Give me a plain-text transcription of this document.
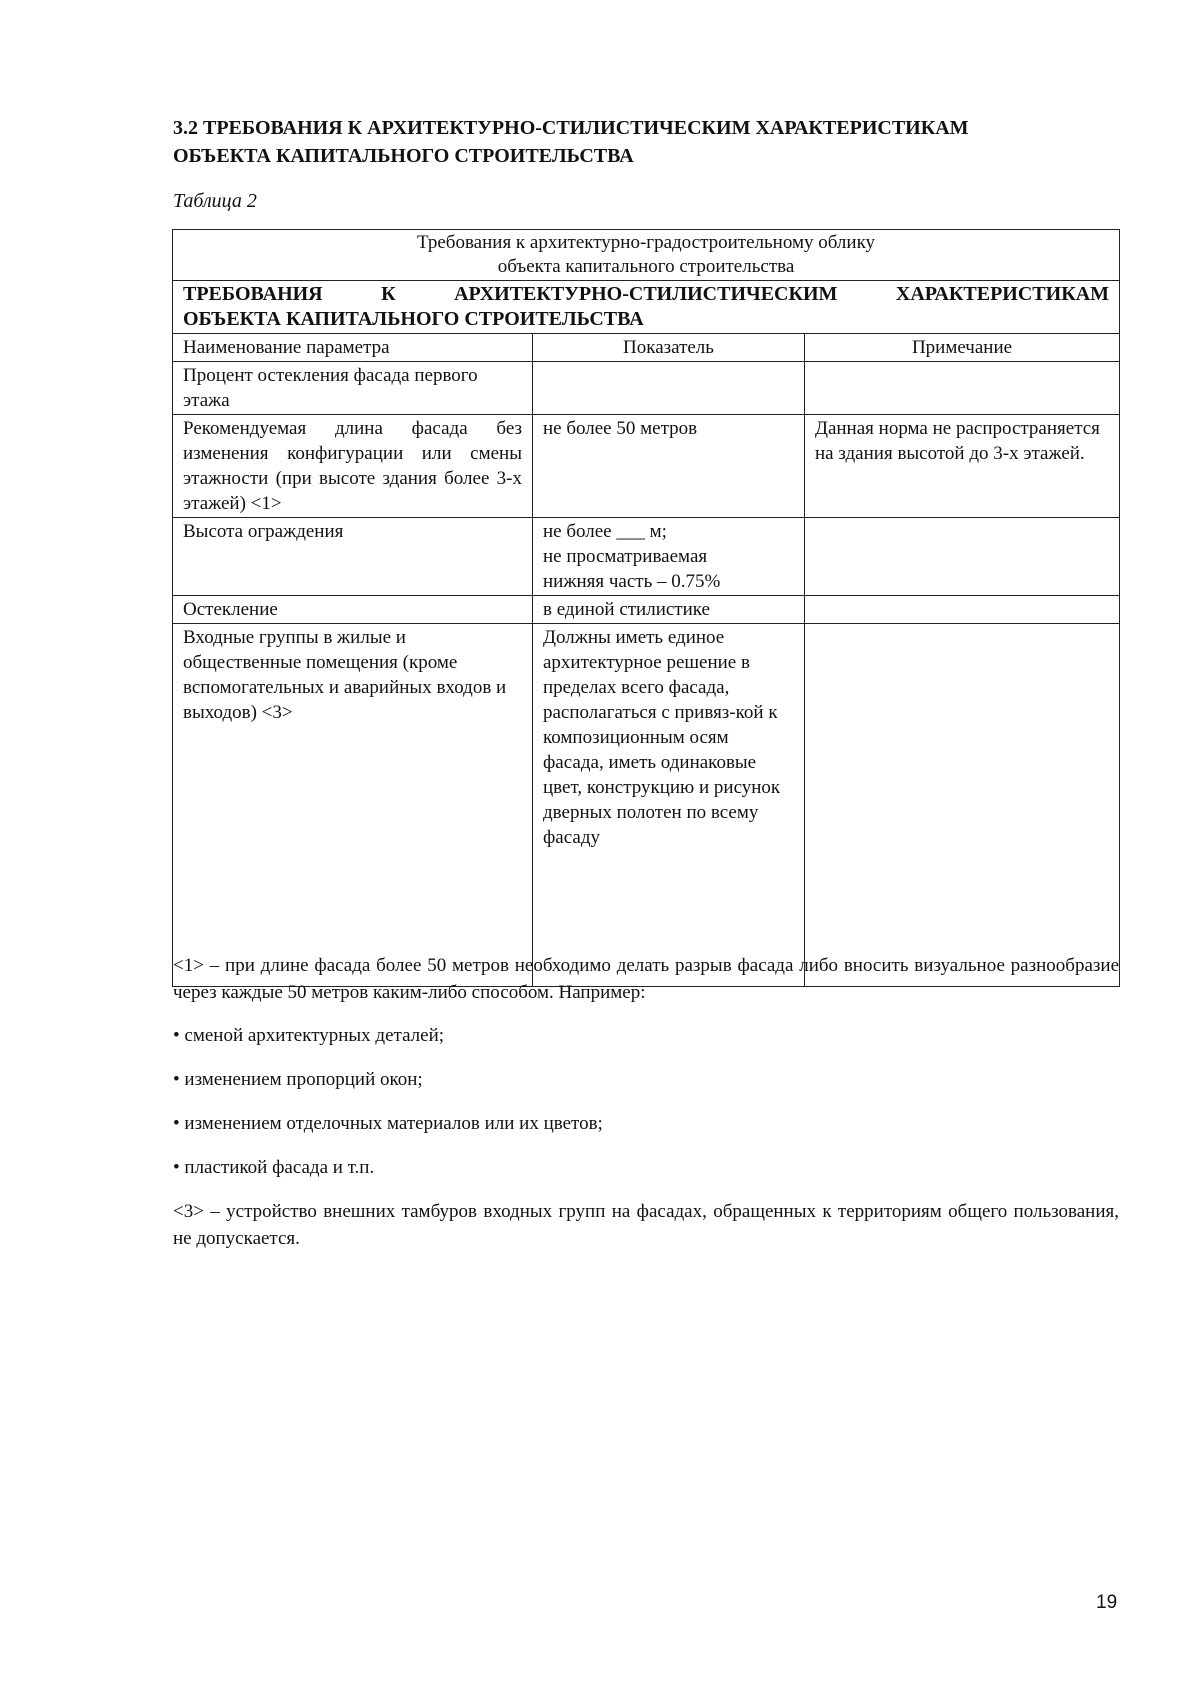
3.2 ТРЕБОВАНИЯ К АРХИТЕКТУРНО-СТИЛИСТИЧЕСКИМ ХАРАКТЕРИСТИКАМ
ОБЪЕКТА КАПИТАЛЬНОГО СТРОИТЕЛЬСТВА
Таблица 2
Требования к архитектурно-градостроительному облику
объекта капитального строительства		

ТРЕБОВАНИЯ К АРХИТЕКТУРНО-СТИЛИСТИЧЕСКИМ ХАРАКТЕРИСТИКАМ
ОБЪЕКТА КАПИТАЛЬНОГО СТРОИТЕЛЬСТВА		
Наименование параметра	Показатель	Примечание
Процент остекления фасада первого этажа		
Рекомендуемая длина фасада без изменения конфигурации или смены этажности (при высоте здания более 3-х этажей) <1>	не более 50 метров	Данная норма не распространяется на здания высотой до 3-х этажей.
Высота ограждения	не более ___ м;
не просматриваемая
нижняя часть – 0.75%	

Остекление	в единой стилистике	
Входные группы в жилые и общественные помещения (кроме вспомогательных и аварийных входов и выходов) <3>	Должны иметь единое архитектурное решение в пределах всего фасада, располагаться с привяз-кой к композиционным осям фасада, иметь одинаковые цвет, конструкцию и рисунок дверных полотен по всему фасаду	

<1> – при длине фасада более 50 метров необходимо делать разрыв фасада либо вносить визуальное разнообразие через каждые 50 метров каким-либо способом. Например:

• сменой архитектурных деталей;

• изменением пропорций окон;

• изменением отделочных материалов или их цветов;

• пластикой фасада и т.п.

<3> – устройство внешних тамбуров входных групп на фасадах, обращенных к территориям общего пользования, не допускается.

19
